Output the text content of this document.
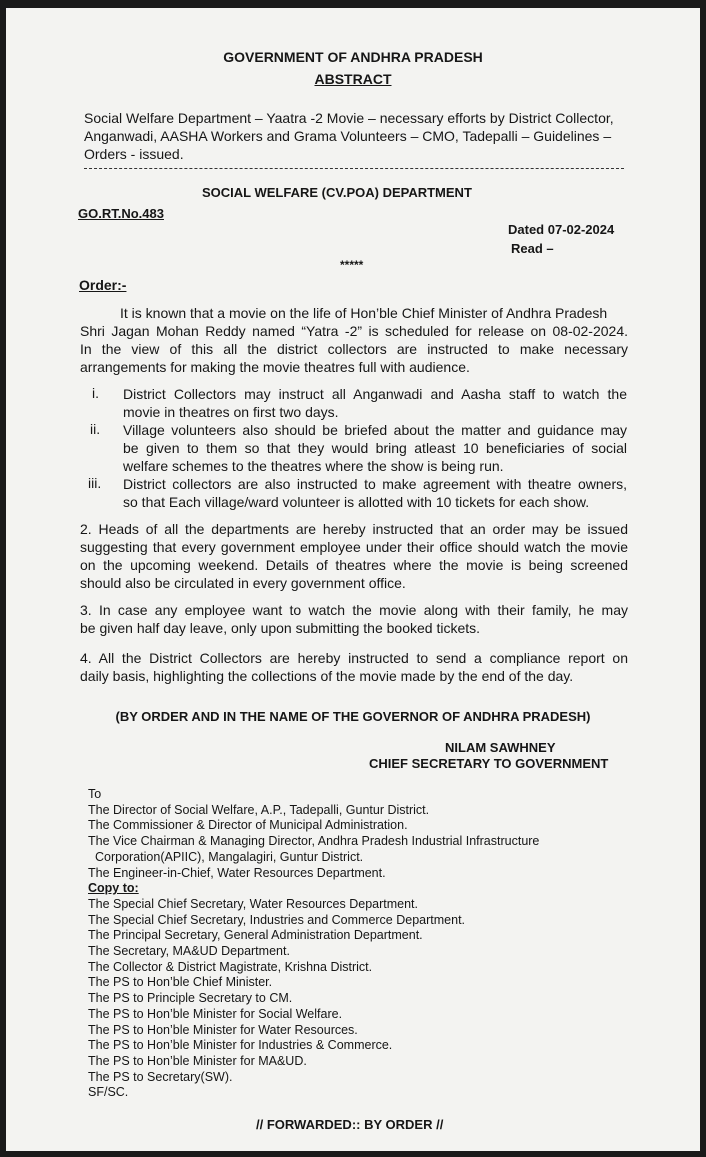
GOVERNMENT OF ANDHRA PRADESH
ABSTRACT
Social Welfare Department – Yaatra -2 Movie – necessary efforts by District Collector,
Anganwadi, AASHA Workers and Grama Volunteers – CMO, Tadepalli – Guidelines –
Orders - issued.
SOCIAL WELFARE (CV.POA) DEPARTMENT
GO.RT.No.483
Dated 07-02-2024
Read –
*****
Order:-
It is known that a movie on the life of Hon’ble Chief Minister of Andhra Pradesh
Shri Jagan Mohan Reddy named “Yatra -2” is scheduled for release on 08-02-2024.
In the view of this all the district collectors are instructed to make necessary
arrangements for making the movie theatres full with audience.
i. District Collectors may instruct all Anganwadi and Aasha staff to watch the
movie in theatres on first two days.
ii. Village volunteers also should be briefed about the matter and guidance may
be given to them so that they would bring atleast 10 beneficiaries of social
welfare schemes to the theatres where the show is being run.
iii. District collectors are also instructed to make agreement with theatre owners,
so that Each village/ward volunteer is allotted with 10 tickets for each show.
2. Heads of all the departments are hereby instructed that an order may be issued
suggesting that every government employee under their office should watch the movie
on the upcoming weekend. Details of theatres where the movie is being screened
should also be circulated in every government office.
3. In case any employee want to watch the movie along with their family, he may
be given half day leave, only upon submitting the booked tickets.
4. All the District Collectors are hereby instructed to send a compliance report on
daily basis, highlighting the collections of the movie made by the end of the day.
(BY ORDER AND IN THE NAME OF THE GOVERNOR OF ANDHRA PRADESH)
NILAM SAWHNEY
CHIEF SECRETARY TO GOVERNMENT
To
The Director of Social Welfare, A.P., Tadepalli, Guntur District.
The Commissioner & Director of Municipal Administration.
The Vice Chairman & Managing Director, Andhra Pradesh Industrial Infrastructure
Corporation(APIIC), Mangalagiri, Guntur District.
The Engineer-in-Chief, Water Resources Department.
Copy to:
The Special Chief Secretary, Water Resources Department.
The Special Chief Secretary, Industries and Commerce Department.
The Principal Secretary, General Administration Department.
The Secretary, MA&UD Department.
The Collector & District Magistrate, Krishna District.
The PS to Hon’ble Chief Minister.
The PS to Principle Secretary to CM.
The PS to Hon’ble Minister for Social Welfare.
The PS to Hon’ble Minister for Water Resources.
The PS to Hon’ble Minister for Industries & Commerce.
The PS to Hon’ble Minister for MA&UD.
The PS to Secretary(SW).
SF/SC.
// FORWARDED:: BY ORDER //
